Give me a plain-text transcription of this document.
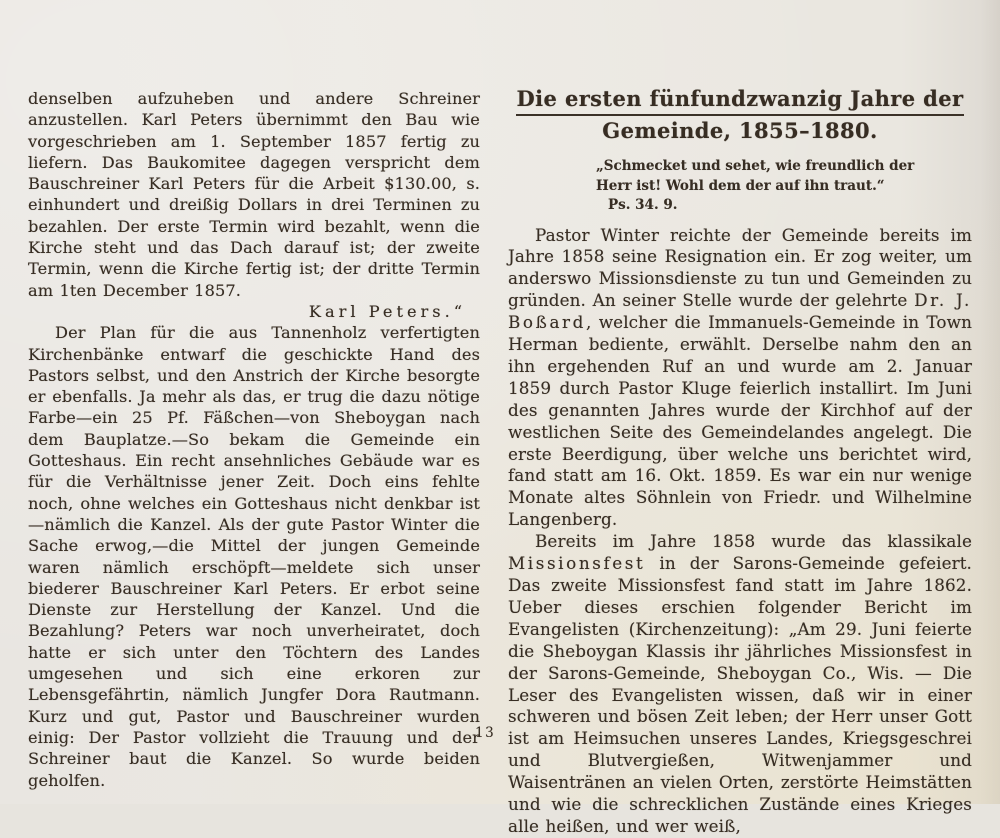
denselben aufzuheben und andere Schreiner anzustellen. Karl Peters übernimmt den Bau wie vorgeschrieben am 1. September 1857 fertig zu liefern. Das Baukomitee dagegen verspricht dem Bauschreiner Karl Peters für die Arbeit $130.00, s. einhundert und dreißig Dollars in drei Terminen zu bezahlen. Der erste Termin wird bezahlt, wenn die Kirche steht und das Dach darauf ist; der zweite Termin, wenn die Kirche fertig ist; der dritte Termin am 1ten December 1857.

Karl Peters.“

Der Plan für die aus Tannenholz verfertigten Kirchenbänke entwarf die geschickte Hand des Pastors selbst, und den Anstrich der Kirche besorgte er ebenfalls. Ja mehr als das, er trug die dazu nötige Farbe—ein 25 Pf. Fäßchen—von Sheboygan nach dem Bauplatze.—So bekam die Gemeinde ein Gotteshaus. Ein recht ansehnliches Gebäude war es für die Verhältnisse jener Zeit. Doch eins fehlte noch, ohne welches ein Gotteshaus nicht denkbar ist—nämlich die Kanzel. Als der gute Pastor Winter die Sache erwog,—die Mittel der jungen Gemeinde waren nämlich erschöpft—meldete sich unser biederer Bauschreiner Karl Peters. Er erbot seine Dienste zur Herstellung der Kanzel. Und die Bezahlung? Peters war noch unverheiratet, doch hatte er sich unter den Töchtern des Landes umgesehen und sich eine erkoren zur Lebensgefährtin, nämlich Jungfer Dora Rautmann. Kurz und gut, Pastor und Bauschreiner wurden einig: Der Pastor vollzieht die Trauung und der Schreiner baut die Kanzel. So wurde beiden geholfen.

Die ersten fünfundzwanzig Jahre der
Gemeinde, 1855–1880.
„Schmecket und sehet, wie freundlich der Herr ist! Wohl dem der auf ihn traut.“ Ps. 34. 9.

Pastor Winter reichte der Gemeinde bereits im Jahre 1858 seine Resignation ein. Er zog weiter, um anderswo Missionsdienste zu tun und Gemeinden zu gründen. An seiner Stelle wurde der gelehrte Dr. J. Boßard, welcher die Immanuels-Gemeinde in Town Herman bediente, erwählt. Derselbe nahm den an ihn ergehenden Ruf an und wurde am 2. Januar 1859 durch Pastor Kluge feierlich installirt. Im Juni des genannten Jahres wurde der Kirchhof auf der westlichen Seite des Gemeindelandes angelegt. Die erste Beerdigung, über welche uns berichtet wird, fand statt am 16. Okt. 1859. Es war ein nur wenige Monate altes Söhnlein von Friedr. und Wilhelmine Langenberg.

Bereits im Jahre 1858 wurde das klassikale Missionsfest in der Sarons-Gemeinde gefeiert. Das zweite Missionsfest fand statt im Jahre 1862. Ueber dieses erschien folgender Bericht im Evangelisten (Kirchenzeitung): „Am 29. Juni feierte die Sheboygan Klassis ihr jährliches Missionsfest in der Sarons-Gemeinde, Sheboygan Co., Wis. — Die Leser des Evangelisten wissen, daß wir in einer schweren und bösen Zeit leben; der Herr unser Gott ist am Heimsuchen unseres Landes, Kriegsgeschrei und Blutvergießen, Witwenjammer und Waisentränen an vielen Orten, zerstörte Heimstätten und wie die schrecklichen Zustände eines Krieges alle heißen, und wer weiß,

13
